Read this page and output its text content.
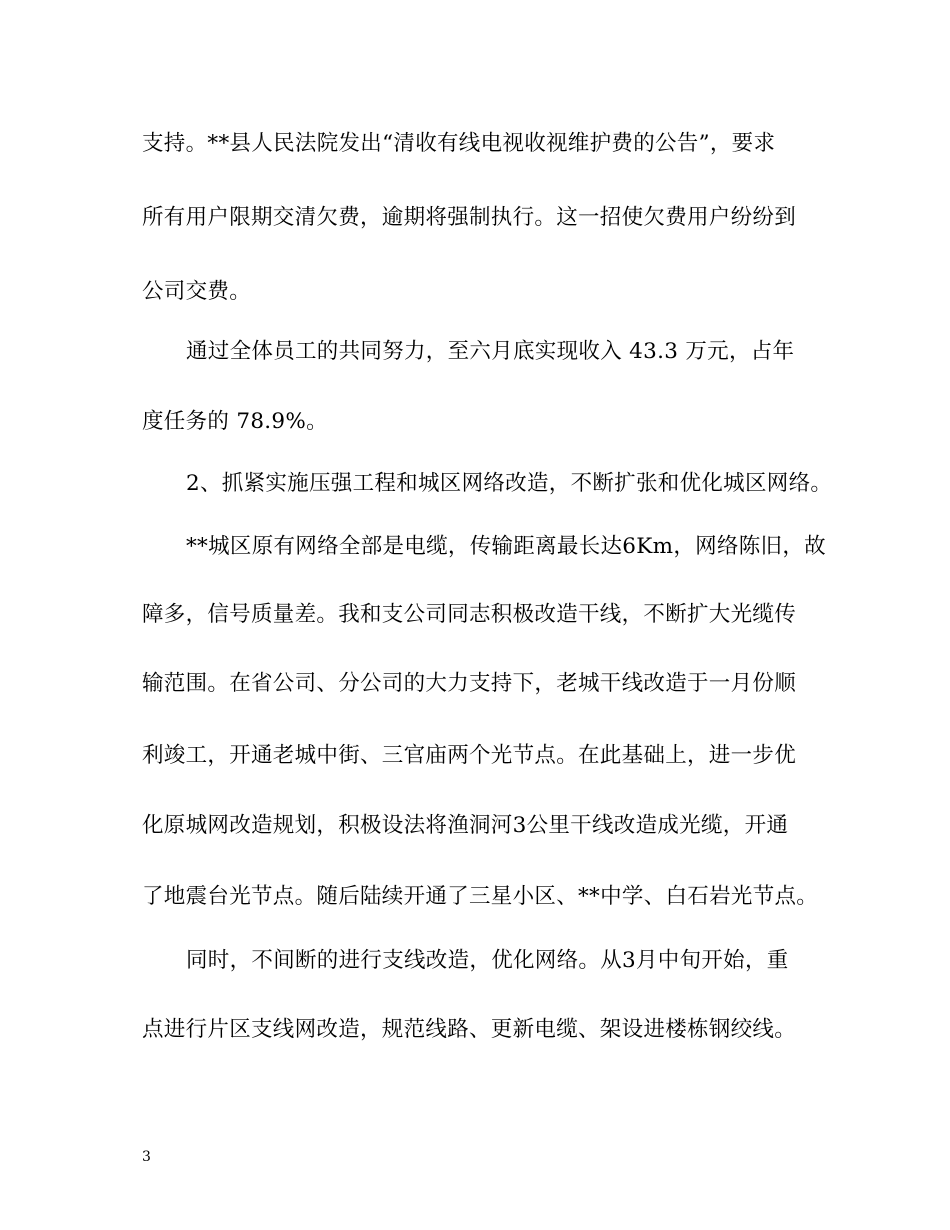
支持。**县人民法院发出“清收有线电视收视维护费的公告”，要求
所有用户限期交清欠费，逾期将强制执行。这一招使欠费用户纷纷到
公司交费。
通过全体员工的共同努力，至六月底实现收入 43.3 万元，占年
度任务的 78.9%。
2、抓紧实施压强工程和城区网络改造，不断扩张和优化城区网络。
**城区原有网络全部是电缆，传输距离最长达6Km，网络陈旧，故
障多，信号质量差。我和支公司同志积极改造干线，不断扩大光缆传
输范围。在省公司、分公司的大力支持下，老城干线改造于一月份顺
利竣工，开通老城中街、三官庙两个光节点。在此基础上，进一步优
化原城网改造规划，积极设法将渔洞河3公里干线改造成光缆，开通
了地震台光节点。随后陆续开通了三星小区、**中学、白石岩光节点。
同时，不间断的进行支线改造，优化网络。从3月中旬开始，重
点进行片区支线网改造，规范线路、更新电缆、架设进楼栋钢绞线。
3
